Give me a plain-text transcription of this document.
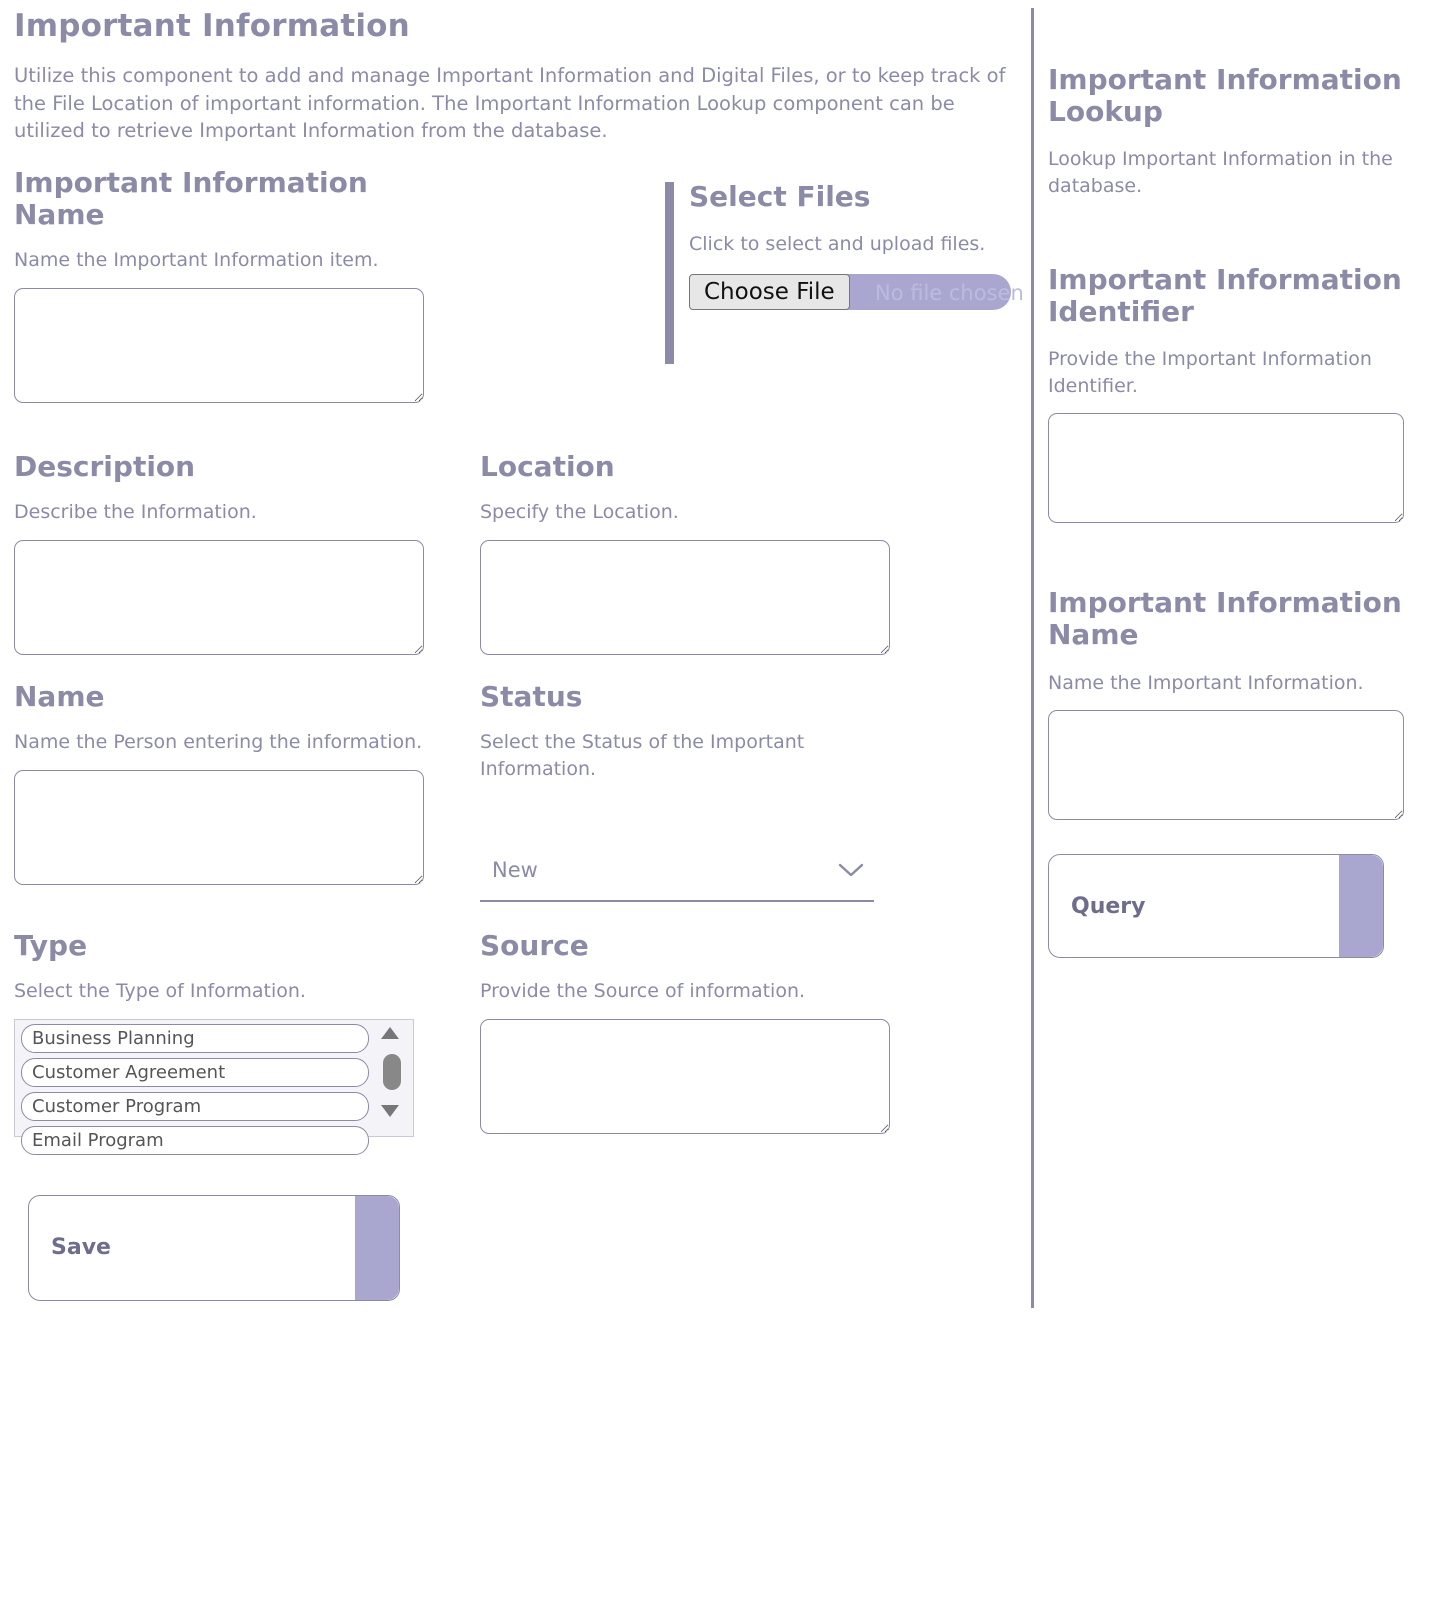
Important Information

Utilize this component to add and manage Important Information and Digital Files, or to keep track of the File Location of important information. The Important Information Lookup component can be utilized to retrieve Important Information from the database.

Important Information Name

Name the Important Information item.

Description

Describe the Information.

Location

Specify the Location.

Name

Name the Person entering the information.

Status

Select the Status of the Important Information.

New
Type

Select the Type of Information.

Business Planning
Customer Agreement
Customer Program
Email Program
Source

Provide the Source of information.

Save
Select Files

Click to select and upload files.

No file chosen
Choose File
Important Information Lookup

Lookup Important Information in the database.

Important Information Identifier

Provide the Important Information Identifier.

Important Information Name

Name the Important Information.

Query
